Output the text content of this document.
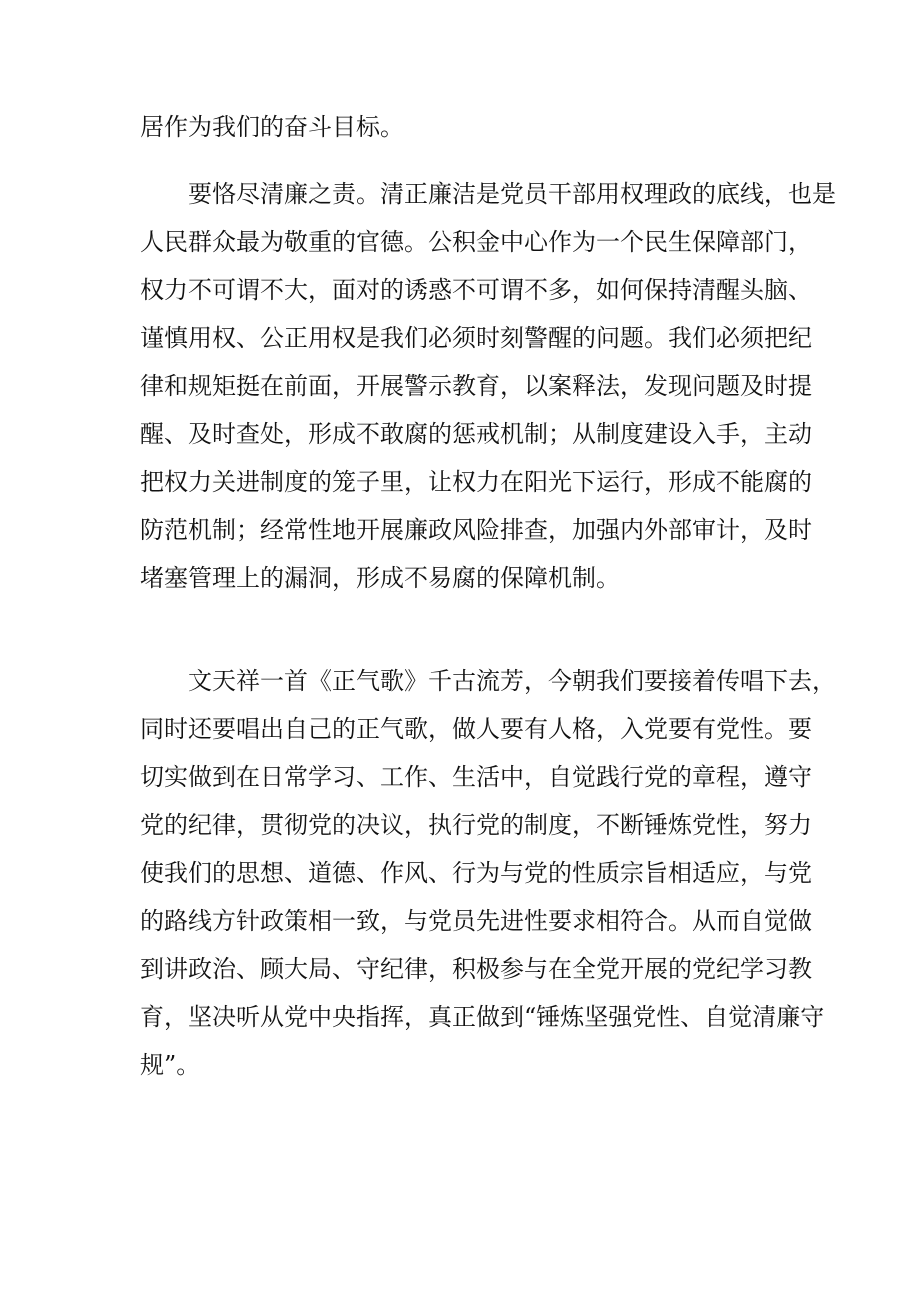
居作为我们的奋斗目标。
要恪尽清廉之责。清正廉洁是党员干部用权理政的底线，也是
人民群众最为敬重的官德。公积金中心作为一个民生保障部门，
权力不可谓不大，面对的诱惑不可谓不多，如何保持清醒头脑、
谨慎用权、公正用权是我们必须时刻警醒的问题。我们必须把纪
律和规矩挺在前面，开展警示教育，以案释法，发现问题及时提
醒、及时查处，形成不敢腐的惩戒机制；从制度建设入手，主动
把权力关进制度的笼子里，让权力在阳光下运行，形成不能腐的
防范机制；经常性地开展廉政风险排查，加强内外部审计，及时
堵塞管理上的漏洞，形成不易腐的保障机制。
文天祥一首《正气歌》千古流芳，今朝我们要接着传唱下去，
同时还要唱出自己的正气歌，做人要有人格，入党要有党性。要
切实做到在日常学习、工作、生活中，自觉践行党的章程，遵守
党的纪律，贯彻党的决议，执行党的制度，不断锤炼党性，努力
使我们的思想、道德、作风、行为与党的性质宗旨相适应，与党
的路线方针政策相一致，与党员先进性要求相符合。从而自觉做
到讲政治、顾大局、守纪律，积极参与在全党开展的党纪学习教
育，坚决听从党中央指挥，真正做到“锤炼坚强党性、自觉清廉守
规”。
